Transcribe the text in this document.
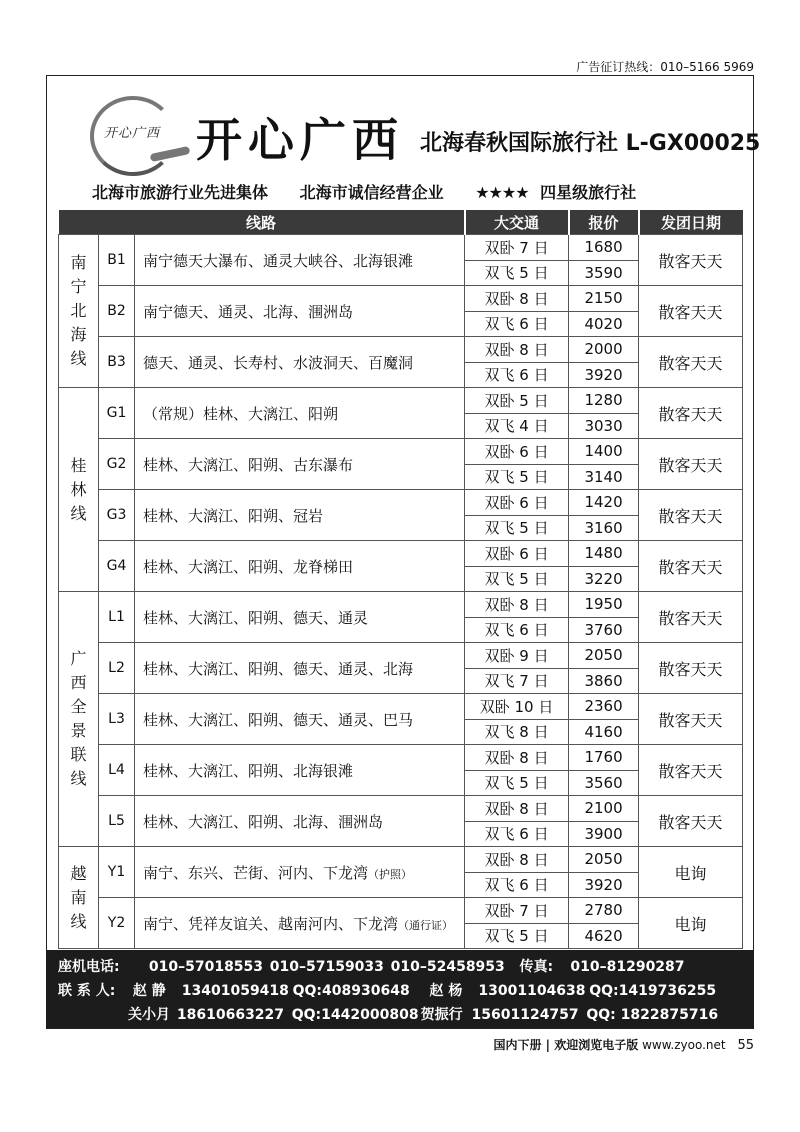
广告征订热线：010–5166 5969
开心广西 开心广西 北海春秋国际旅行社 L-GX00025
北海市旅游行业先进集体 北海市诚信经营企业 ★★★★ 四星级旅行社
线路			大交通	报价	发团日期
南宁北海线	B1	南宁德天大瀑布、通灵大峡谷、北海银滩	双卧 7 日	1680	散客天天
			双飞 5 日	3590	
	B2	南宁德天、通灵、北海、涠洲岛	双卧 8 日	2150	散客天天
			双飞 6 日	4020	
	B3	德天、通灵、长寿村、水波洞天、百魔洞	双卧 8 日	2000	散客天天
			双飞 6 日	3920	
桂林线	G1	（常规）桂林、大漓江、阳朔	双卧 5 日	1280	散客天天
			双飞 4 日	3030	
	G2	桂林、大漓江、阳朔、古东瀑布	双卧 6 日	1400	散客天天
			双飞 5 日	3140	
	G3	桂林、大漓江、阳朔、冠岩	双卧 6 日	1420	散客天天
			双飞 5 日	3160	
	G4	桂林、大漓江、阳朔、龙脊梯田	双卧 6 日	1480	散客天天
			双飞 5 日	3220	
广西全景联线	L1	桂林、大漓江、阳朔、德天、通灵	双卧 8 日	1950	散客天天
			双飞 6 日	3760	
	L2	桂林、大漓江、阳朔、德天、通灵、北海	双卧 9 日	2050	散客天天
			双飞 7 日	3860	
	L3	桂林、大漓江、阳朔、德天、通灵、巴马	双卧 10 日	2360	散客天天
			双飞 8 日	4160	
	L4	桂林、大漓江、阳朔、北海银滩	双卧 8 日	1760	散客天天
			双飞 5 日	3560	
	L5	桂林、大漓江、阳朔、北海、涠洲岛	双卧 8 日	2100	散客天天
			双飞 6 日	3900	
越南线	Y1	南宁、东兴、芒街、河内、下龙湾（护照）	双卧 8 日	2050	电询
			双飞 6 日	3920	
	Y2	南宁、凭祥友谊关、越南河内、下龙湾（通行证）	双卧 7 日	2780	电询
			双飞 5 日	4620	
座机电话: 010–57018553 010–57159033 010–52458953 传真: 010–81290287
联 系 人: 赵 静 13401059418 QQ:408930648 赵 杨 13001104638 QQ:1419736255
关小月 18610663227 QQ:1442000808 贺振行 15601124757 QQ: 1822875716
国内下册 | 欢迎浏览电子版 www.zyoo.net 55
